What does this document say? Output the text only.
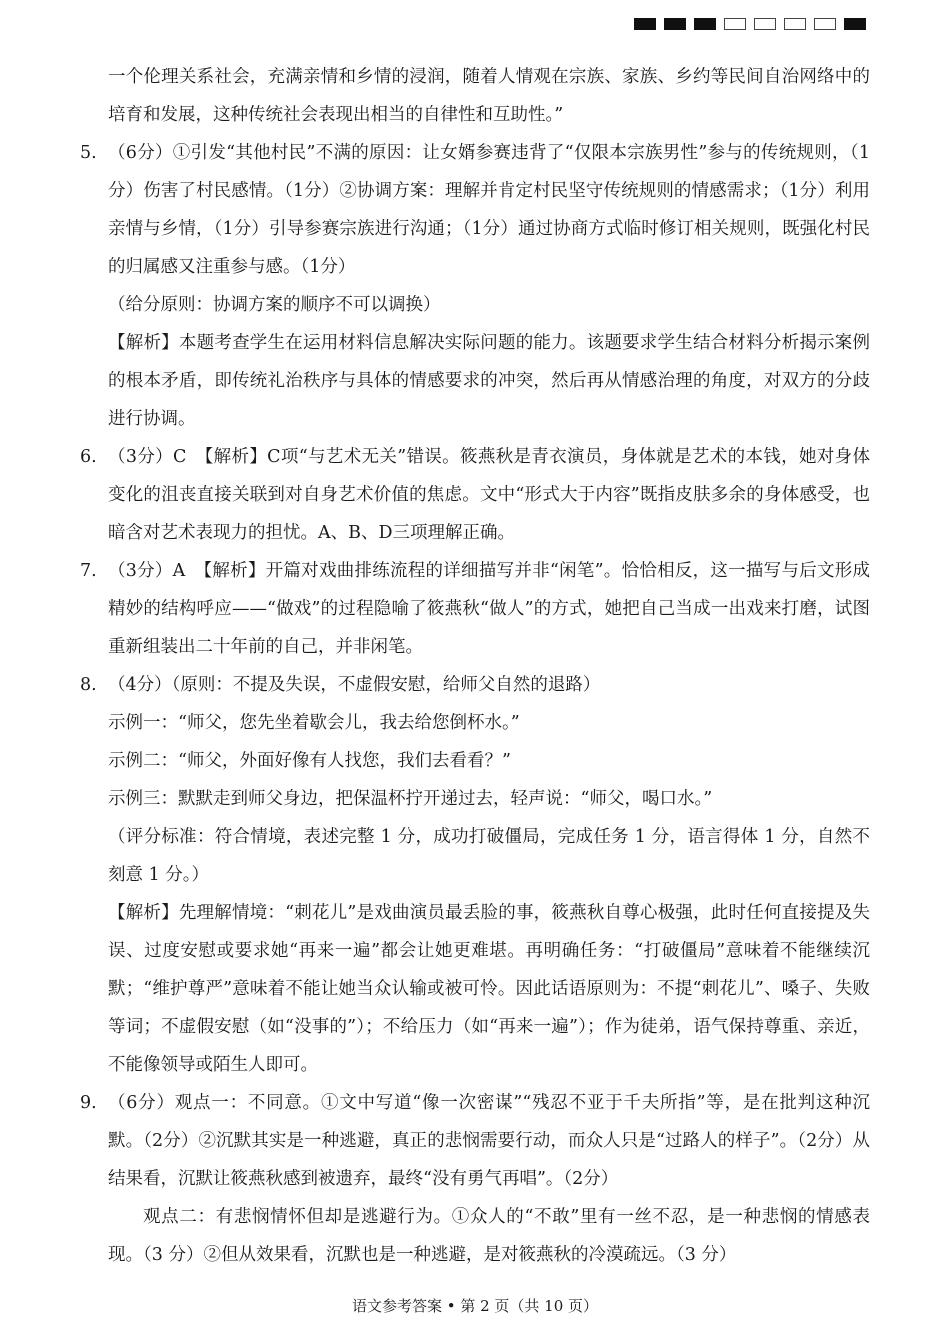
一个伦理关系社会，充满亲情和乡情的浸润，随着人情观在宗族、家族、乡约等民间自治网络中的培育和发展，这种传统社会表现出相当的自律性和互助性。”
5. （6分）①引发“其他村民”不满的原因：让女婿参赛违背了“仅限本宗族男性”参与的传统规则，（1分）伤害了村民感情。（1分）②协调方案：理解并肯定村民坚守传统规则的情感需求；（1分）利用亲情与乡情，（1分）引导参赛宗族进行沟通；（1分）通过协商方式临时修订相关规则，既强化村民的归属感又注重参与感。（1分）
（给分原则：协调方案的顺序不可以调换）
【解析】本题考查学生在运用材料信息解决实际问题的能力。该题要求学生结合材料分析揭示案例的根本矛盾，即传统礼治秩序与具体的情感要求的冲突，然后再从情感治理的角度，对双方的分歧进行协调。
6. （3分）C　【解析】C项“与艺术无关”错误。筱燕秋是青衣演员，身体就是艺术的本钱，她对身体变化的沮丧直接关联到对自身艺术价值的焦虑。文中“形式大于内容”既指皮肤多余的身体感受，也暗含对艺术表现力的担忧。A、B、D三项理解正确。
7. （3分）A　【解析】开篇对戏曲排练流程的详细描写并非“闲笔”。恰恰相反，这一描写与后文形成精妙的结构呼应——“做戏”的过程隐喻了筱燕秋“做人”的方式，她把自己当成一出戏来打磨，试图重新组装出二十年前的自己，并非闲笔。
8. （4分）（原则：不提及失误，不虚假安慰，给师父自然的退路）
示例一：“师父，您先坐着歇会儿，我去给您倒杯水。”
示例二：“师父，外面好像有人找您，我们去看看？”
示例三：默默走到师父身边，把保温杯拧开递过去，轻声说：“师父，喝口水。”
（评分标准：符合情境，表述完整 1 分，成功打破僵局，完成任务 1 分，语言得体 1 分，自然不刻意 1 分。）
【解析】先理解情境：“刺花儿”是戏曲演员最丢脸的事，筱燕秋自尊心极强，此时任何直接提及失误、过度安慰或要求她“再来一遍”都会让她更难堪。再明确任务：“打破僵局”意味着不能继续沉默；“维护尊严”意味着不能让她当众认输或被可怜。因此话语原则为：不提“刺花儿”、嗓子、失败等词；不虚假安慰（如“没事的”）；不给压力（如“再来一遍”）；作为徒弟，语气保持尊重、亲近，不能像领导或陌生人即可。
9. （6分）观点一：不同意。①文中写道“像一次密谋”“残忍不亚于千夫所指”等，是在批判这种沉默。（2分）②沉默其实是一种逃避，真正的悲悯需要行动，而众人只是“过路人的样子”。（2分）从结果看，沉默让筱燕秋感到被遗弃，最终“没有勇气再唱”。（2分）
观点二：有悲悯情怀但却是逃避行为。①众人的“不敢”里有一丝不忍，是一种悲悯的情感表现。（3 分）②但从效果看，沉默也是一种逃避，是对筱燕秋的冷漠疏远。（3 分）
语文参考答案 • 第 2 页（共 10 页）
